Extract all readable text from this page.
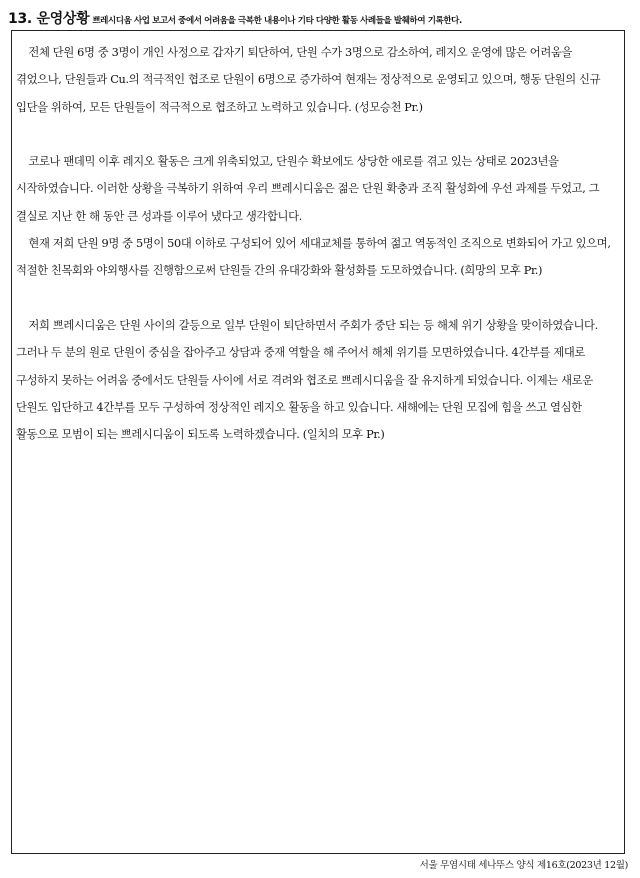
13. 운영상황 쁘레시디움 사업 보고서 중에서 어려움을 극복한 내용이나 기타 다양한 활동 사례들을 발췌하여 기록한다.

전체 단원 6명 중 3명이 개인 사정으로 갑자기 퇴단하여, 단원 수가 3명으로 감소하여, 레지오 운영에 많은 어려움을 겪었으나, 단원들과 Cu.의 적극적인 협조로 단원이 6명으로 증가하여 현재는 정상적으로 운영되고 있으며, 행동 단원의 신규 입단을 위하여, 모든 단원들이 적극적으로 협조하고 노력하고 있습니다. (성모승천 Pr.)

코로나 팬데믹 이후 레지오 활동은 크게 위축되었고, 단원수 확보에도 상당한 애로를 겪고 있는 상태로 2023년을 시작하였습니다. 이러한 상황을 극복하기 위하여 우리 쁘레시디움은 젊은 단원 확충과 조직 활성화에 우선 과제를 두었고, 그 결실로 지난 한 해 동안 큰 성과를 이루어 냈다고 생각합니다.

현재 저희 단원 9명 중 5명이 50대 이하로 구성되어 있어 세대교체를 통하여 젊고 역동적인 조직으로 변화되어 가고 있으며, 적절한 친목회와 야외행사를 진행함으로써 단원들 간의 유대강화와 활성화를 도모하였습니다. (희망의 모후 Pr.)

저희 쁘레시디움은 단원 사이의 갈등으로 일부 단원이 퇴단하면서 주회가 중단 되는 등 해체 위기 상황을 맞이하였습니다. 그러나 두 분의 원로 단원이 중심을 잡아주고 상담과 중재 역할을 해 주어서 해체 위기를 모면하였습니다. 4간부를 제대로 구성하지 못하는 어려움 중에서도 단원들 사이에 서로 격려와 협조로 쁘레시디움을 잘 유지하게 되었습니다. 이제는 새로운 단원도 입단하고 4간부를 모두 구성하여 정상적인 레지오 활동을 하고 있습니다. 새해에는 단원 모집에 힘을 쓰고 열심한 활동으로 모범이 되는 쁘레시디움이 되도록 노력하겠습니다. (일치의 모후 Pr.)

서울 무염시태 세나뚜스 양식 제16호(2023년 12월)
